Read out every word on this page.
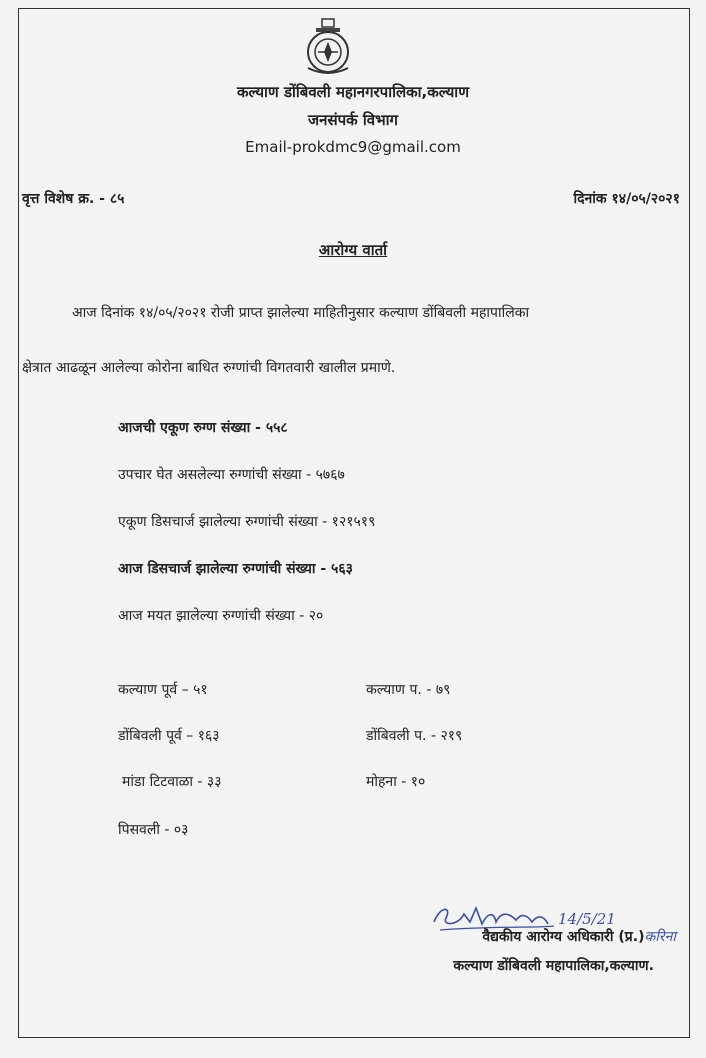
कल्याण डोंबिवली महानगरपालिका,कल्याण
जनसंपर्क विभाग
Email-prokdmc9@gmail.com
वृत्त विशेष क्र. - ८५	दिनांक १४/०५/२०२१
आरोग्य वार्ता
आज दिनांक १४/०५/२०२१ रोजी प्राप्त झालेल्या माहितीनुसार कल्याण डोंबिवली महापालिका
क्षेत्रात आढळून आलेल्या कोरोना बाधित रुग्णांची विगतवारी खालील प्रमाणे.
आजची एकूण रुग्ण संख्या - ५५८
उपचार घेत असलेल्या रुग्णांची संख्या - ५७६७
एकूण डिसचार्ज झालेल्या रुग्णांची संख्या - १२१५१९
आज डिसचार्ज झालेल्या रुग्णांची संख्या - ५६३
आज मयत झालेल्या रुग्णांची संख्या - २०
कल्याण पूर्व – ५१
डोंबिवली पूर्व – १६३
मांडा टिटवाळा - ३३
पिसवली - ०३
कल्याण प. - ७९
डोंबिवली प. - २१९
मोहना - १०
14/5/21
वैद्यकीय आरोग्य अधिकारी (प्र.)करिना
कल्याण डोंबिवली महापालिका,कल्याण.
